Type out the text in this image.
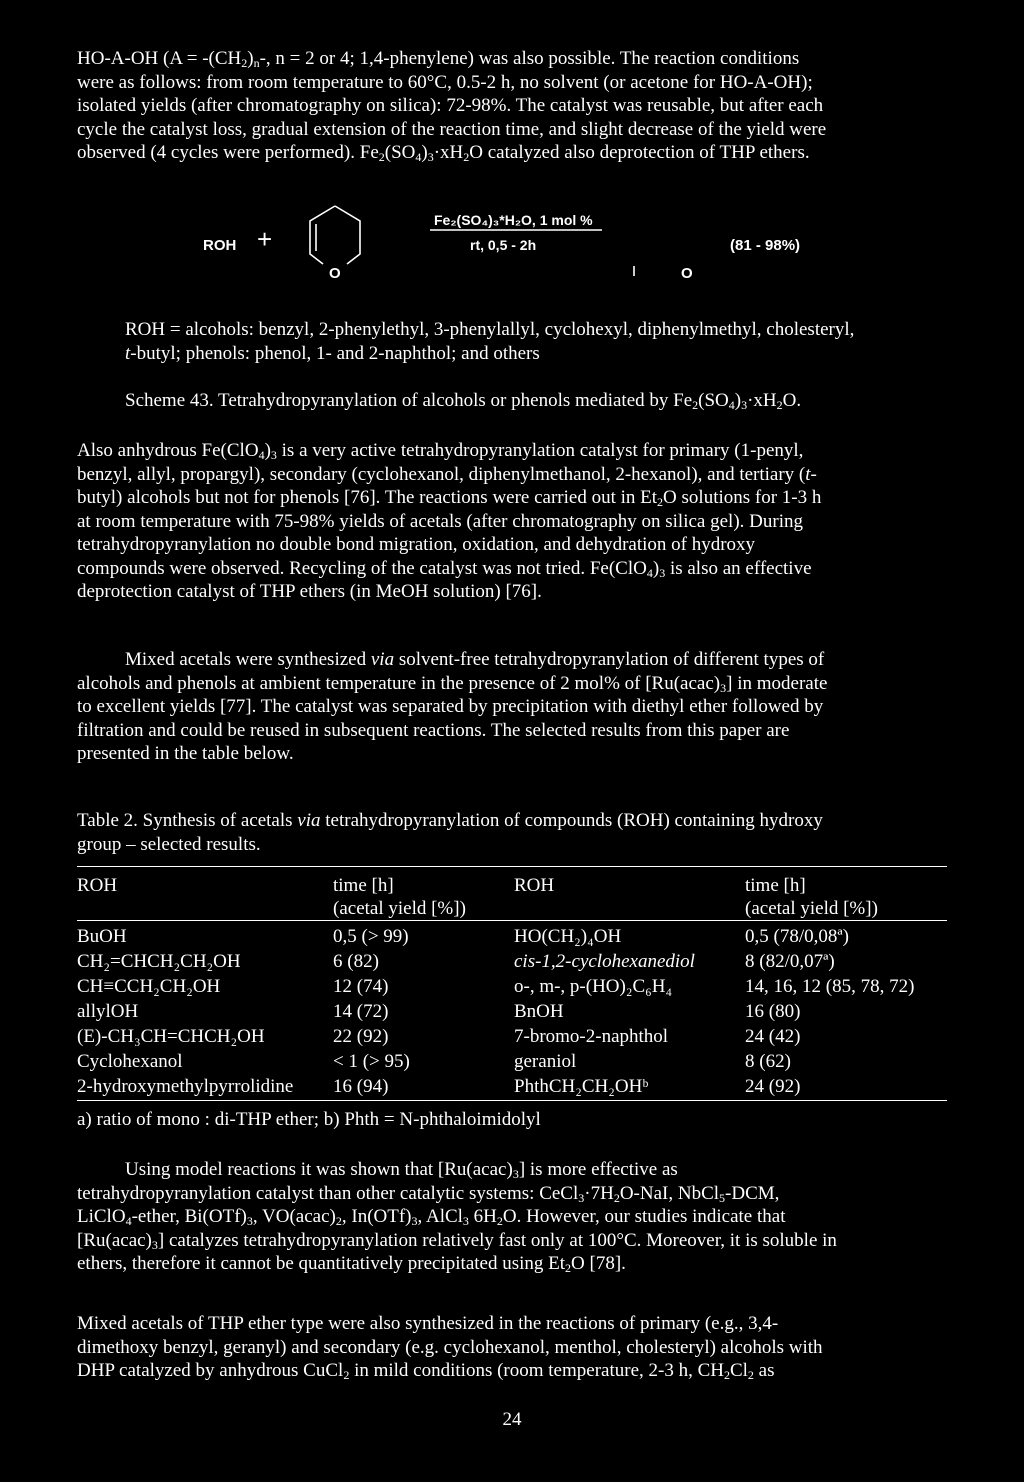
HO-A-OH ($A = -(CH_2)_n-$, n = 2 or 4; 1,4-phenylene) was also possible. The reaction conditions

were as follows: from room temperature to 60°C, 0.5-2 h, no solvent (or acetone for HO-A-OH);

isolated yields (after chromatography on silica): 72-98%. The catalyst was reusable, but after each

cycle the catalyst loss, gradual extension of the reaction time, and slight decrease of the yield were

observed (4 cycles were performed). $Fe_2(SO_4)_3\cdot xH_2O$ catalyzed also deprotection of THP ethers.

ROH +
O
Fe₂(SO₄)₃*H₂O, 1 mol %
rt, 0,5 - 2h
O
(81 - 98%)

ROH = alcohols: benzyl, 2-phenylethyl, 3-phenylallyl, cyclohexyl, diphenylmethyl, cholesteryl,

t-butyl; phenols: phenol, 1- and 2-naphthol; and others

Scheme 43. Tetrahydropyranylation of alcohols or phenols mediated by $Fe_2(SO_4)_3\cdot xH_2O$.

Also anhydrous $Fe(ClO_4)_3$ is a very active tetrahydropyranylation catalyst for primary (1-penyl,

benzyl, allyl, propargyl), secondary (cyclohexanol, diphenylmethanol, 2-hexanol), and tertiary (t-

butyl) alcohols but not for phenols [76]. The reactions were carried out in $Et_2O$ solutions for 1-3 h

at room temperature with 75-98% yields of acetals (after chromatography on silica gel). During

tetrahydropyranylation no double bond migration, oxidation, and dehydration of hydroxy

compounds were observed. Recycling of the catalyst was not tried. $Fe(ClO_4)_3$ is also an effective

deprotection catalyst of THP ethers (in MeOH solution) [76].

Mixed acetals were synthesized via solvent-free tetrahydropyranylation of different types of

alcohols and phenols at ambient temperature in the presence of 2 mol% of $[Ru(acac)_3]$ in moderate

to excellent yields [77]. The catalyst was separated by precipitation with diethyl ether followed by

filtration and could be reused in subsequent reactions. The selected results from this paper are

presented in the table below.

Table 2. Synthesis of acetals via tetrahydropyranylation of compounds (ROH) containing hydroxy

group – selected results.

ROH	time [h]
(acetal yield [%])
ROH	time [h]
(acetal yield [%])
BuOH	0,5 (> 99)	HO(CH₂)₄OH	0,5 (78/0,08ª)
CH₂=CHCH₂CH₂OH	6 (82)	cis-1,2-cyclohexanediol	8 (82/0,07ª)
CH≡CCH₂CH₂OH	12 (74)	o-, m-, p-(HO)₂C₆H₄	14, 16, 12 (85, 78, 72)
allylOH	14 (72)	BnOH	16 (80)
(E)-CH₃CH=CHCH₂OH	22 (92)	7-bromo-2-naphthol	24 (42)
Cyclohexanol	< 1 (> 95)	geraniol	8 (62)
2-hydroxymethylpyrrolidine 16 (94)	PhthCH₂CH₂OHᵇ	24 (92)

a) ratio of mono : di-THP ether; b) Phth = N-phthaloimidolyl

Using model reactions it was shown that $[Ru(acac)_3]$ is more effective as

tetrahydropyranylation catalyst than other catalytic systems: $CeCl_3\cdot 7H_2O$-NaI, NbCl$_5$-DCM,

LiClO$_4$-ether, $Bi(OTf)_3$, $VO(acac)_2$, $In(OTf)_3$, AlCl$_3$ $6H_2O$. However, our studies indicate that

$[Ru(acac)_3]$ catalyzes tetrahydropyranylation relatively fast only at 100°C. Moreover, it is soluble in

ethers, therefore it cannot be quantitatively precipitated using $Et_2O$ [78].

Mixed acetals of THP ether type were also synthesized in the reactions of primary (e.g., 3,4-

dimethoxy benzyl, geranyl) and secondary (e.g. cyclohexanol, menthol, cholesteryl) alcohols with

DHP catalyzed by anhydrous CuCl$_2$ in mild conditions (room temperature, 2-3 h, $CH_2Cl_2$ as

24
